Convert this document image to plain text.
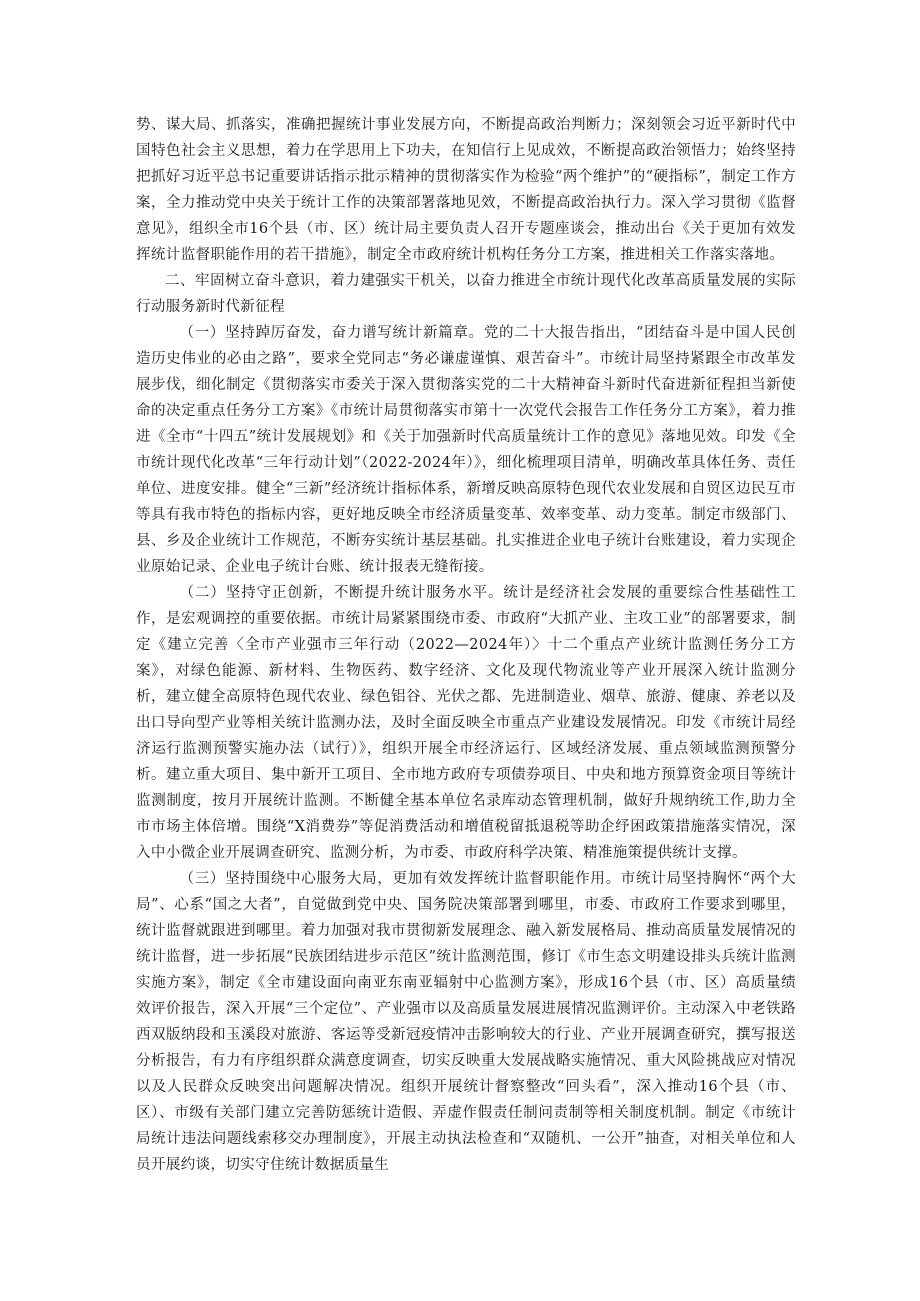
势、谋大局、抓落实，准确把握统计事业发展方向，不断提高政治判断力；深刻领会习近平新时代中国特色社会主义思想，着力在学思用上下功夫，在知信行上见成效，不断提高政治领悟力；始终坚持把抓好习近平总书记重要讲话指示批示精神的贯彻落实作为检验“两个维护”的“硬指标”，制定工作方案，全力推动党中央关于统计工作的决策部署落地见效，不断提高政治执行力。深入学习贯彻《监督意见》，组织全市16个县（市、区）统计局主要负责人召开专题座谈会，推动出台《关于更加有效发挥统计监督职能作用的若干措施》，制定全市政府统计机构任务分工方案，推进相关工作落实落地。

二、牢固树立奋斗意识，着力建强实干机关，以奋力推进全市统计现代化改革高质量发展的实际行动服务新时代新征程

（一）坚持踔厉奋发，奋力谱写统计新篇章。党的二十大报告指出，“团结奋斗是中国人民创造历史伟业的必由之路”，要求全党同志“务必谦虚谨慎、艰苦奋斗”。市统计局坚持紧跟全市改革发展步伐，细化制定《贯彻落实市委关于深入贯彻落实党的二十大精神奋斗新时代奋进新征程担当新使命的决定重点任务分工方案》《市统计局贯彻落实市第十一次党代会报告工作任务分工方案》，着力推进《全市“十四五”统计发展规划》和《关于加强新时代高质量统计工作的意见》落地见效。印发《全市统计现代化改革“三年行动计划”（2022-2024年）》，细化梳理项目清单，明确改革具体任务、责任单位、进度安排。健全“三新”经济统计指标体系，新增反映高原特色现代农业发展和自贸区边民互市等具有我市特色的指标内容，更好地反映全市经济质量变革、效率变革、动力变革。制定市级部门、县、乡及企业统计工作规范，不断夯实统计基层基础。扎实推进企业电子统计台账建设，着力实现企业原始记录、企业电子统计台账、统计报表无缝衔接。

（二）坚持守正创新，不断提升统计服务水平。统计是经济社会发展的重要综合性基础性工作，是宏观调控的重要依据。市统计局紧紧围绕市委、市政府“大抓产业、主攻工业”的部署要求，制定《建立完善〈全市产业强市三年行动（2022—2024年）〉十二个重点产业统计监测任务分工方案》，对绿色能源、新材料、生物医药、数字经济、文化及现代物流业等产业开展深入统计监测分析，建立健全高原特色现代农业、绿色铝谷、光伏之都、先进制造业、烟草、旅游、健康、养老以及出口导向型产业等相关统计监测办法，及时全面反映全市重点产业建设发展情况。印发《市统计局经济运行监测预警实施办法（试行）》，组织开展全市经济运行、区域经济发展、重点领域监测预警分析。建立重大项目、集中新开工项目、全市地方政府专项债券项目、中央和地方预算资金项目等统计监测制度，按月开展统计监测。不断健全基本单位名录库动态管理机制，做好升规纳统工作,助力全市市场主体倍增。围绕“X消费券”等促消费活动和增值税留抵退税等助企纾困政策措施落实情况，深入中小微企业开展调查研究、监测分析，为市委、市政府科学决策、精准施策提供统计支撑。

（三）坚持围绕中心服务大局，更加有效发挥统计监督职能作用。市统计局坚持胸怀“两个大局”、心系“国之大者”，自觉做到党中央、国务院决策部署到哪里，市委、市政府工作要求到哪里，统计监督就跟进到哪里。着力加强对我市贯彻新发展理念、融入新发展格局、推动高质量发展情况的统计监督，进一步拓展“民族团结进步示范区”统计监测范围，修订《市生态文明建设排头兵统计监测实施方案》，制定《全市建设面向南亚东南亚辐射中心监测方案》，形成16个县（市、区）高质量绩效评价报告，深入开展“三个定位”、产业强市以及高质量发展进展情况监测评价。主动深入中老铁路西双版纳段和玉溪段对旅游、客运等受新冠疫情冲击影响较大的行业、产业开展调查研究，撰写报送分析报告，有力有序组织群众满意度调查，切实反映重大发展战略实施情况、重大风险挑战应对情况以及人民群众反映突出问题解决情况。组织开展统计督察整改“回头看”，深入推动16个县（市、区）、市级有关部门建立完善防惩统计造假、弄虚作假责任制问责制等相关制度机制。制定《市统计局统计违法问题线索移交办理制度》，开展主动执法检查和“双随机、一公开”抽查，对相关单位和人员开展约谈，切实守住统计数据质量生
